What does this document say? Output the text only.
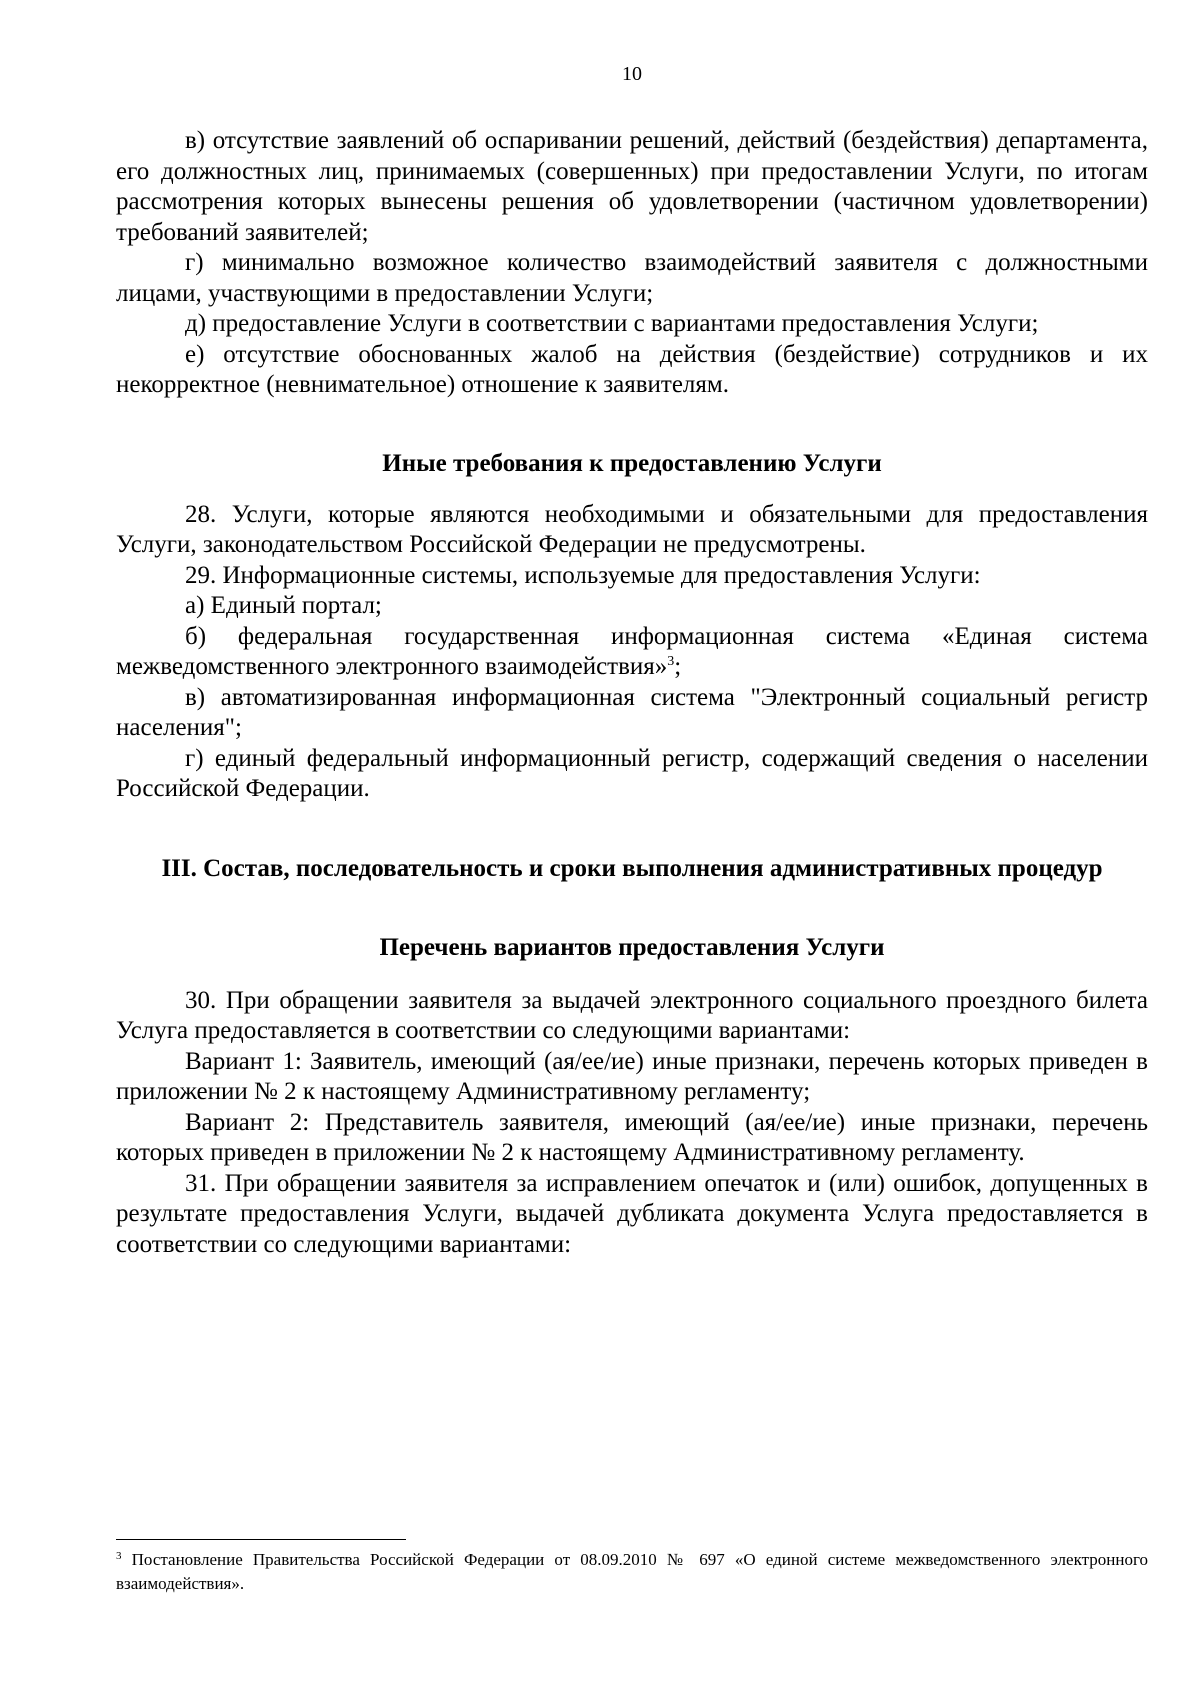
10

в) отсутствие заявлений об оспаривании решений, действий (бездействия) департамента, его должностных лиц, принимаемых (совершенных) при предоставлении Услуги, по итогам рассмотрения которых вынесены решения об удовлетворении (частичном удовлетворении) требований заявителей;

г) минимально возможное количество взаимодействий заявителя с должностными лицами, участвующими в предоставлении Услуги;

д) предоставление Услуги в соответствии с вариантами предоставления Услуги;

е) отсутствие обоснованных жалоб на действия (бездействие) сотрудников и их некорректное (невнимательное) отношение к заявителям.

Иные требования к предоставлению Услуги

28. Услуги, которые являются необходимыми и обязательными для предоставления Услуги, законодательством Российской Федерации не предусмотрены.

29. Информационные системы, используемые для предоставления Услуги:

а) Единый портал;

б) федеральная государственная информационная система «Единая система межведомственного электронного взаимодействия»$^3$;

в) автоматизированная информационная система "Электронный социальный регистр населения";

г) единый федеральный информационный регистр, содержащий сведения о населении Российской Федерации.

III. Состав, последовательность и сроки выполнения административных процедур

Перечень вариантов предоставления Услуги

30. При обращении заявителя за выдачей электронного социального проездного билета Услуга предоставляется в соответствии со следующими вариантами:

Вариант 1: Заявитель, имеющий (ая/ее/ие) иные признаки, перечень которых приведен в приложении № 2 к настоящему Административному регламенту;

Вариант 2: Представитель заявителя, имеющий (ая/ее/ие) иные признаки, перечень которых приведен в приложении № 2 к настоящему Административному регламенту.

31. При обращении заявителя за исправлением опечаток и (или) ошибок, допущенных в результате предоставления Услуги, выдачей дубликата документа Услуга предоставляется в соответствии со следующими вариантами:

$^3$ Постановление Правительства Российской Федерации от 08.09.2010 № 697 «О единой системе межведомственного электронного взаимодействия».
